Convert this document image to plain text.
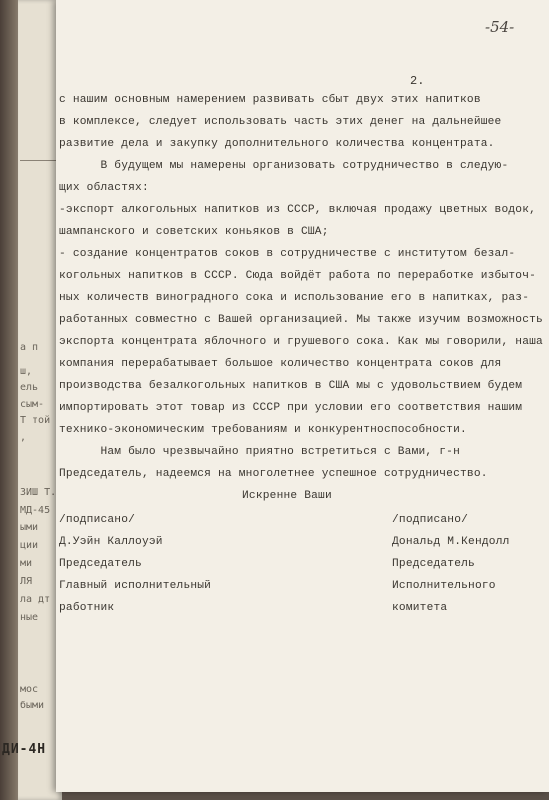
а п
ш,
ель
сым-
Т той
,
ЗИШ Т.
МД-45
ыми
ции
ми
ЛЯ
ла дт
ные
мос
быми
-54-
2.
с нашим основным намерением развивать сбыт двух этих напитков
в комплексе, следует использовать часть этих денег на дальнейшее
развитие дела и закупку дополнительного количества концентрата.
В будущем мы намерены организовать сотрудничество в следую-
щих областях:
-экспорт алкогольных напитков из СССР, включая продажу цветных водок,
шампанского и советских коньяков в США;
- создание концентратов соков в сотрудничестве с институтом безал-
когольных напитков в СССР. Сюда войдёт работа по переработке избыточ-
ных количеств виноградного сока и использование его в напитках, раз-
работанных совместно с Вашей организацией. Мы также изучим возможность
экспорта концентрата яблочного и грушевого сока. Как мы говорили, наша
компания перерабатывает большое количество концентрата соков для
производства безалкогольных напитков в США мы с удовольствием будем
импортировать этот товар из СССР при условии его соответствия нашим
технико-экономическим требованиям и конкурентноспособности.
Нам было чрезвычайно приятно встретиться с Вами, г-н
Председатель, надеемся на многолетнее успешное сотрудничество.
Искренне Ваши
/подписано/
Д.Уэйн Каллоуэй
Председатель
Главный исполнительный
работник
/подписано/
Дональд М.Кендолл
Председатель
Исполнительного
комитета
ДИ-4Н
